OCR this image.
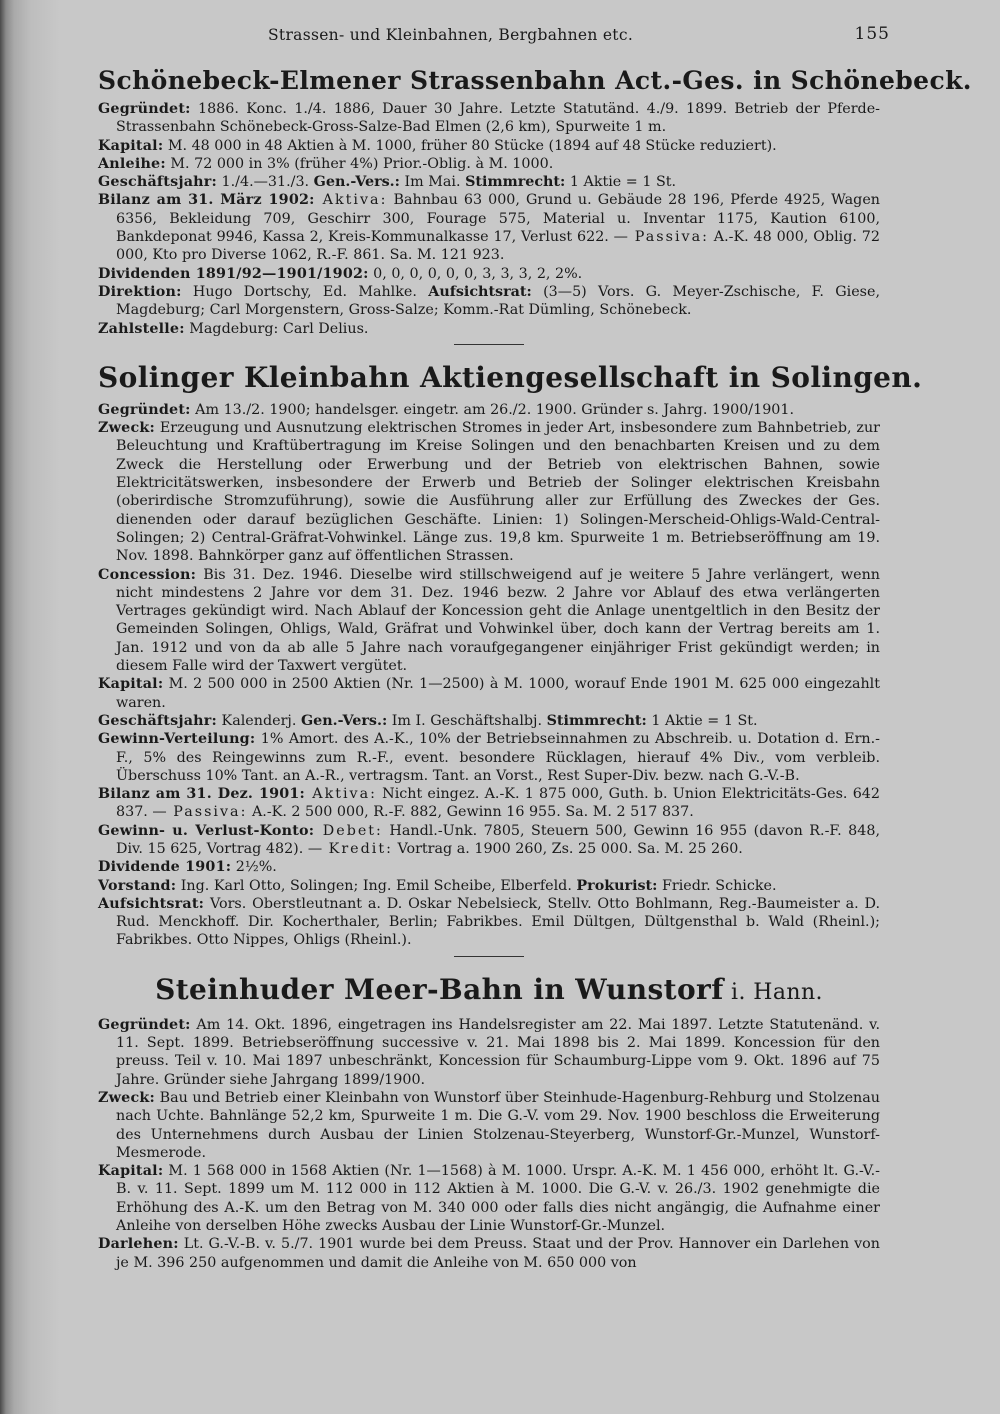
Strassen- und Kleinbahnen, Bergbahnen etc.	155
Schönebeck-Elmener Strassenbahn Act.-Ges. in Schönebeck.

Gegründet: 1886. Konc. 1./4. 1886, Dauer 30 Jahre. Letzte Statutänd. 4./9. 1899. Betrieb der Pferde-Strassenbahn Schönebeck-Gross-Salze-Bad Elmen (2,6 km), Spurweite 1 m.

Kapital: M. 48 000 in 48 Aktien à M. 1000, früher 80 Stücke (1894 auf 48 Stücke reduziert).

Anleihe: M. 72 000 in 3% (früher 4%) Prior.-Oblig. à M. 1000.

Geschäftsjahr: 1./4.—31./3. Gen.-Vers.: Im Mai. Stimmrecht: 1 Aktie = 1 St.

Bilanz am 31. März 1902: Aktiva: Bahnbau 63 000, Grund u. Gebäude 28 196, Pferde 4925, Wagen 6356, Bekleidung 709, Geschirr 300, Fourage 575, Material u. Inventar 1175, Kaution 6100, Bankdeponat 9946, Kassa 2, Kreis-Kommunalkasse 17, Verlust 622. — Passiva: A.-K. 48 000, Oblig. 72 000, Kto pro Diverse 1062, R.-F. 861. Sa. M. 121 923.

Dividenden 1891/92—1901/1902: 0, 0, 0, 0, 0, 0, 3, 3, 3, 2, 2%.

Direktion: Hugo Dortschy, Ed. Mahlke. Aufsichtsrat: (3—5) Vors. G. Meyer-Zschische, F. Giese, Magdeburg; Carl Morgenstern, Gross-Salze; Komm.-Rat Dümling, Schönebeck.

Zahlstelle: Magdeburg: Carl Delius.

Solinger Kleinbahn Aktiengesellschaft in Solingen.

Gegründet: Am 13./2. 1900; handelsger. eingetr. am 26./2. 1900. Gründer s. Jahrg. 1900/1901.

Zweck: Erzeugung und Ausnutzung elektrischen Stromes in jeder Art, insbesondere zum Bahnbetrieb, zur Beleuchtung und Kraftübertragung im Kreise Solingen und den benachbarten Kreisen und zu dem Zweck die Herstellung oder Erwerbung und der Betrieb von elektrischen Bahnen, sowie Elektricitätswerken, insbesondere der Erwerb und Betrieb der Solinger elektrischen Kreisbahn (oberirdische Stromzuführung), sowie die Ausführung aller zur Erfüllung des Zweckes der Ges. dienenden oder darauf bezüglichen Geschäfte. Linien: 1) Solingen-Merscheid-Ohligs-Wald-Central-Solingen; 2) Central-Gräfrat-Vohwinkel. Länge zus. 19,8 km. Spurweite 1 m. Betriebseröffnung am 19. Nov. 1898. Bahnkörper ganz auf öffentlichen Strassen.

Concession: Bis 31. Dez. 1946. Dieselbe wird stillschweigend auf je weitere 5 Jahre verlängert, wenn nicht mindestens 2 Jahre vor dem 31. Dez. 1946 bezw. 2 Jahre vor Ablauf des etwa verlängerten Vertrages gekündigt wird. Nach Ablauf der Koncession geht die Anlage unentgeltlich in den Besitz der Gemeinden Solingen, Ohligs, Wald, Gräfrat und Vohwinkel über, doch kann der Vertrag bereits am 1. Jan. 1912 und von da ab alle 5 Jahre nach voraufgegangener einjähriger Frist gekündigt werden; in diesem Falle wird der Taxwert vergütet.

Kapital: M. 2 500 000 in 2500 Aktien (Nr. 1—2500) à M. 1000, worauf Ende 1901 M. 625 000 eingezahlt waren.

Geschäftsjahr: Kalenderj. Gen.-Vers.: Im I. Geschäftshalbj. Stimmrecht: 1 Aktie = 1 St.

Gewinn-Verteilung: 1% Amort. des A.-K., 10% der Betriebseinnahmen zu Abschreib. u. Dotation d. Ern.-F., 5% des Reingewinns zum R.-F., event. besondere Rücklagen, hierauf 4% Div., vom verbleib. Überschuss 10% Tant. an A.-R., vertragsm. Tant. an Vorst., Rest Super-Div. bezw. nach G.-V.-B.

Bilanz am 31. Dez. 1901: Aktiva: Nicht eingez. A.-K. 1 875 000, Guth. b. Union Elektricitäts-Ges. 642 837. — Passiva: A.-K. 2 500 000, R.-F. 882, Gewinn 16 955. Sa. M. 2 517 837.

Gewinn- u. Verlust-Konto: Debet: Handl.-Unk. 7805, Steuern 500, Gewinn 16 955 (davon R.-F. 848, Div. 15 625, Vortrag 482). — Kredit: Vortrag a. 1900 260, Zs. 25 000. Sa. M. 25 260.

Dividende 1901: 2½%.

Vorstand: Ing. Karl Otto, Solingen; Ing. Emil Scheibe, Elberfeld. Prokurist: Friedr. Schicke.

Aufsichtsrat: Vors. Oberstleutnant a. D. Oskar Nebelsieck, Stellv. Otto Bohlmann, Reg.-Baumeister a. D. Rud. Menckhoff. Dir. Kocherthaler, Berlin; Fabrikbes. Emil Dültgen, Dültgensthal b. Wald (Rheinl.); Fabrikbes. Otto Nippes, Ohligs (Rheinl.).

Steinhuder Meer-Bahn in Wunstorf i. Hann.

Gegründet: Am 14. Okt. 1896, eingetragen ins Handelsregister am 22. Mai 1897. Letzte Statutenänd. v. 11. Sept. 1899. Betriebseröffnung successive v. 21. Mai 1898 bis 2. Mai 1899. Koncession für den preuss. Teil v. 10. Mai 1897 unbeschränkt, Koncession für Schaumburg-Lippe vom 9. Okt. 1896 auf 75 Jahre. Gründer siehe Jahrgang 1899/1900.

Zweck: Bau und Betrieb einer Kleinbahn von Wunstorf über Steinhude-Hagenburg-Rehburg und Stolzenau nach Uchte. Bahnlänge 52,2 km, Spurweite 1 m. Die G.-V. vom 29. Nov. 1900 beschloss die Erweiterung des Unternehmens durch Ausbau der Linien Stolzenau-Steyerberg, Wunstorf-Gr.-Munzel, Wunstorf-Mesmerode.

Kapital: M. 1 568 000 in 1568 Aktien (Nr. 1—1568) à M. 1000. Urspr. A.-K. M. 1 456 000, erhöht lt. G.-V.-B. v. 11. Sept. 1899 um M. 112 000 in 112 Aktien à M. 1000. Die G.-V. v. 26./3. 1902 genehmigte die Erhöhung des A.-K. um den Betrag von M. 340 000 oder falls dies nicht angängig, die Aufnahme einer Anleihe von derselben Höhe zwecks Ausbau der Linie Wunstorf-Gr.-Munzel.

Darlehen: Lt. G.-V.-B. v. 5./7. 1901 wurde bei dem Preuss. Staat und der Prov. Hannover ein Darlehen von je M. 396 250 aufgenommen und damit die Anleihe von M. 650 000 von
